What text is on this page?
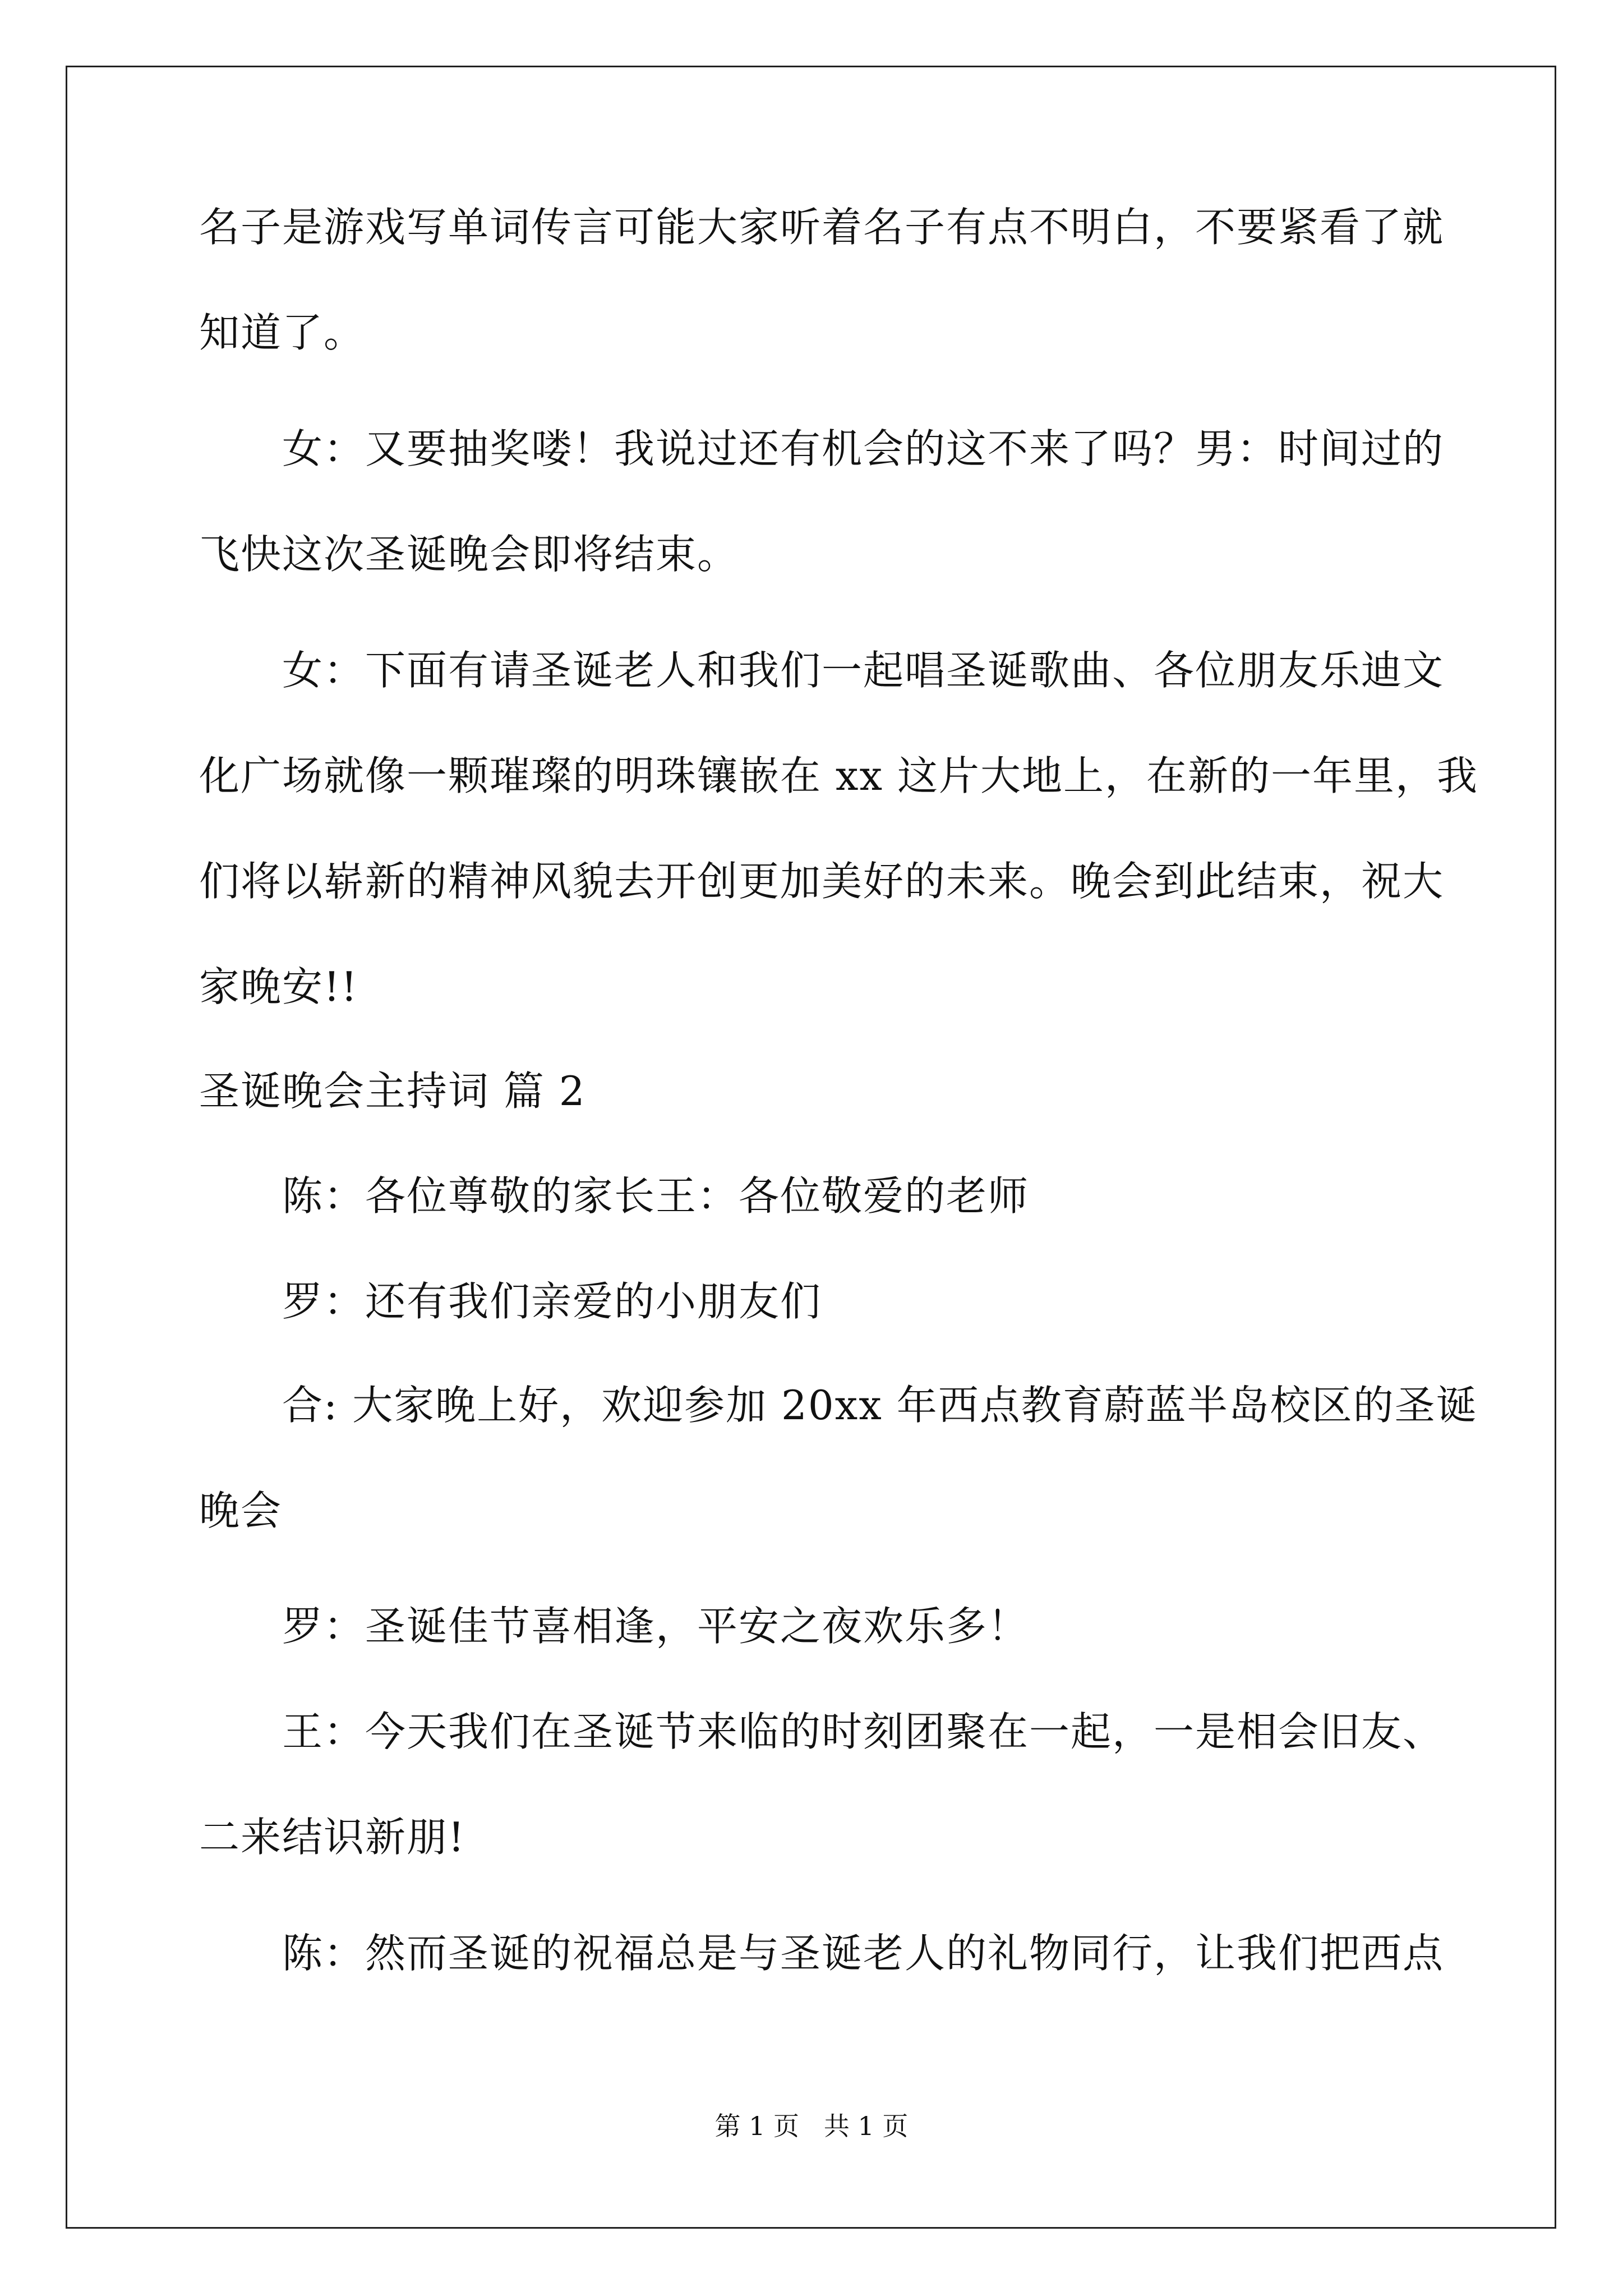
名子是游戏写单词传言可能大家听着名子有点不明白，不要紧看了就
知道了。
女：又要抽奖喽！我说过还有机会的这不来了吗？男：时间过的
飞快这次圣诞晚会即将结束。
女：下面有请圣诞老人和我们一起唱圣诞歌曲、各位朋友乐迪文
化广场就像一颗璀璨的明珠镶嵌在 xx 这片大地上，在新的一年里，我
们将以崭新的精神风貌去开创更加美好的未来。晚会到此结束，祝大
家晚安!!
圣诞晚会主持词 篇 2
陈：各位尊敬的家长王：各位敬爱的老师
罗：还有我们亲爱的小朋友们
合: 大家晚上好，欢迎参加 20xx 年西点教育蔚蓝半岛校区的圣诞
晚会
罗：圣诞佳节喜相逢，平安之夜欢乐多！
王：今天我们在圣诞节来临的时刻团聚在一起，一是相会旧友、
二来结识新朋!
陈：然而圣诞的祝福总是与圣诞老人的礼物同行，让我们把西点
第 1 页   共 1 页
